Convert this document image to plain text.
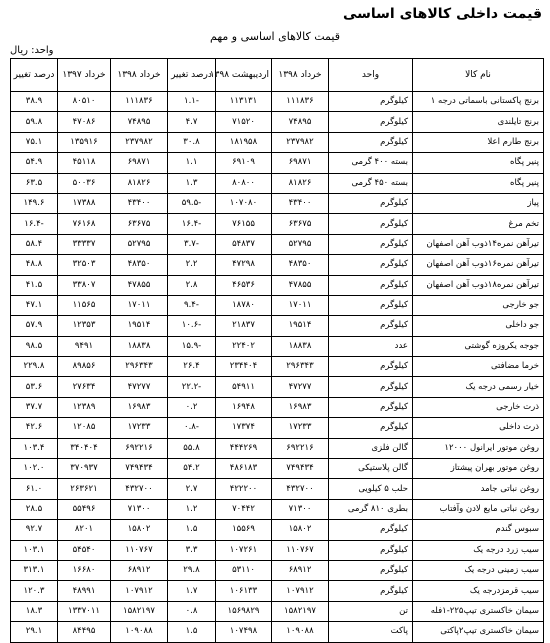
قیمت داخلی کالاهای اساسی
قیمت کالاهای اساسی و مهم
واحد: ریال
نام کالا	واحد	خرداد ۱۳۹۸	اردیبهشت ۱۳۹۸	درصد تغییر	خرداد ۱۳۹۸	خرداد ۱۳۹۷	درصد تغییر
برنج پاکستانی باسماتی درجه ۱	کیلوگرم	۱۱۱۸۳۶	۱۱۳۱۳۱	-۱.۱	۱۱۱۸۳۶	۸۰۵۱۰	۳۸.۹
برنج تایلندی	کیلوگرم	۷۴۸۹۵	۷۱۵۲۰	۴.۷	۷۴۸۹۵	۴۷۰۸۶	۵۹.۸
برنج طارم اعلا	کیلوگرم	۲۳۷۹۸۲	۱۸۱۹۵۸	۳۰.۸	۲۳۷۹۸۲	۱۳۵۹۱۶	۷۵.۱
پنیر پگاه	بسته ۴۰۰ گرمی	۶۹۸۷۱	۶۹۱۰۹	۱.۱	۶۹۸۷۱	۴۵۱۱۸	۵۴.۹
پنیر پگاه	بسته ۴۵۰ گرمی	۸۱۸۲۶	۸۰۸۰۰	۱.۳	۸۱۸۲۶	۵۰۰۳۶	۶۳.۵
پیاز	کیلوگرم	۴۳۴۰۰	۱۰۷۰۸۰	-۵۹.۵	۴۳۴۰۰	۱۷۳۸۸	۱۴۹.۶
تخم مرغ	کیلوگرم	۶۳۶۷۵	۷۶۱۵۵	-۱۶.۴	۶۳۶۷۵	۷۶۱۶۸	-۱۶.۴
تیرآهن نمره۱۴ذوب آهن اصفهان	کیلوگرم	۵۲۷۹۵	۵۴۸۳۷	-۳.۷	۵۲۷۹۵	۳۳۳۳۷	۵۸.۴
تیرآهن نمره۱۶ذوب آهن اصفهان	کیلوگرم	۴۸۳۵۰	۴۷۲۹۸	۲.۲	۴۸۳۵۰	۳۲۵۰۳	۴۸.۸
تیرآهن نمره۱۸ذوب آهن اصفهان	کیلوگرم	۴۷۸۵۵	۴۶۵۳۶	۲.۸	۴۷۸۵۵	۳۳۸۰۷	۴۱.۵
جو خارجی	کیلوگرم	۱۷۰۱۱	۱۸۷۸۰	-۹.۴	۱۷۰۱۱	۱۱۵۶۵	۴۷.۱
جو داخلی	کیلوگرم	۱۹۵۱۴	۲۱۸۳۷	-۱۰.۶	۱۹۵۱۴	۱۲۳۵۳	۵۷.۹
جوجه یکروزه گوشتی	عدد	۱۸۸۳۸	۲۲۴۰۲	-۱۵.۹	۱۸۸۳۸	۹۴۹۱	۹۸.۵
خرما مضافتی	کیلوگرم	۲۹۶۳۴۳	۲۳۴۴۰۴	۲۶.۴	۲۹۶۳۴۳	۸۹۸۵۶	۲۲۹.۸
خیار رسمی درجه یک	کیلوگرم	۴۷۲۷۷	۵۴۹۱۱	-۲۲.۲	۴۷۲۷۷	۲۷۶۳۴	۵۳.۶
ذرت خارجی	کیلوگرم	۱۶۹۸۳	۱۶۹۴۸	۰.۲	۱۶۹۸۳	۱۲۳۸۹	۳۷.۷
ذرت داخلی	کیلوگرم	۱۷۲۳۳	۱۷۳۷۴	-۰.۸	۱۷۲۳۳	۱۲۰۸۵	۴۲.۶
روغن موتور ایرانول ۱۲۰۰۰	گالن فلزی	۶۹۲۲۱۶	۴۴۴۲۶۹	۵۵.۸	۶۹۲۲۱۶	۳۴۰۴۰۴	۱۰۳.۴
روغن موتور بهران پیشتاز	گالن پلاستیکی	۷۴۹۴۳۴	۴۸۶۱۸۳	۵۴.۲	۷۴۹۴۳۴	۳۷۰۹۳۷	۱۰۲.۰
روغن نباتی جامد	حلب ۵ کیلویی	۴۳۲۷۰۰	۴۲۲۲۰۰	۲.۷	۴۳۲۷۰۰	۲۶۳۶۲۱	۶۱.۰
روغن نباتی مایع لادن وآفتاب	بطری ۸۱۰ گرمی	۷۱۳۰۰	۷۰۴۴۲	۱.۲	۷۱۳۰۰	۵۵۴۹۶	۲۸.۵
سبوس گندم	کیلوگرم	۱۵۸۰۲	۱۵۵۶۹	۱.۵	۱۵۸۰۲	۸۲۰۱	۹۲.۷
سیب زرد درجه یک	کیلوگرم	۱۱۰۷۶۷	۱۰۷۲۶۱	۳.۳	۱۱۰۷۶۷	۵۴۵۴۰	۱۰۳.۱
سیب زمینی درجه یک	کیلوگرم	۶۸۹۱۲	۵۳۱۱۰	۲۹.۸	۶۸۹۱۲	۱۶۶۸۰	۳۱۳.۱
سیب قرمزدرجه یک	کیلوگرم	۱۰۷۹۱۲	۱۰۶۱۳۳	۱.۷	۱۰۷۹۱۲	۴۸۹۹۱	۱۲۰.۳
سیمان خاکستری تیپ۲۲۵-۱فله	تن	۱۵۸۲۱۹۷	۱۵۶۹۸۲۹	۰.۸	۱۵۸۲۱۹۷	۱۳۳۷۰۱۱	۱۸.۳
سیمان خاکستری تیپ۲پاکتی	پاکت	۱۰۹۰۸۸	۱۰۷۴۹۸	۱.۵	۱۰۹۰۸۸	۸۴۴۹۵	۲۹.۱
